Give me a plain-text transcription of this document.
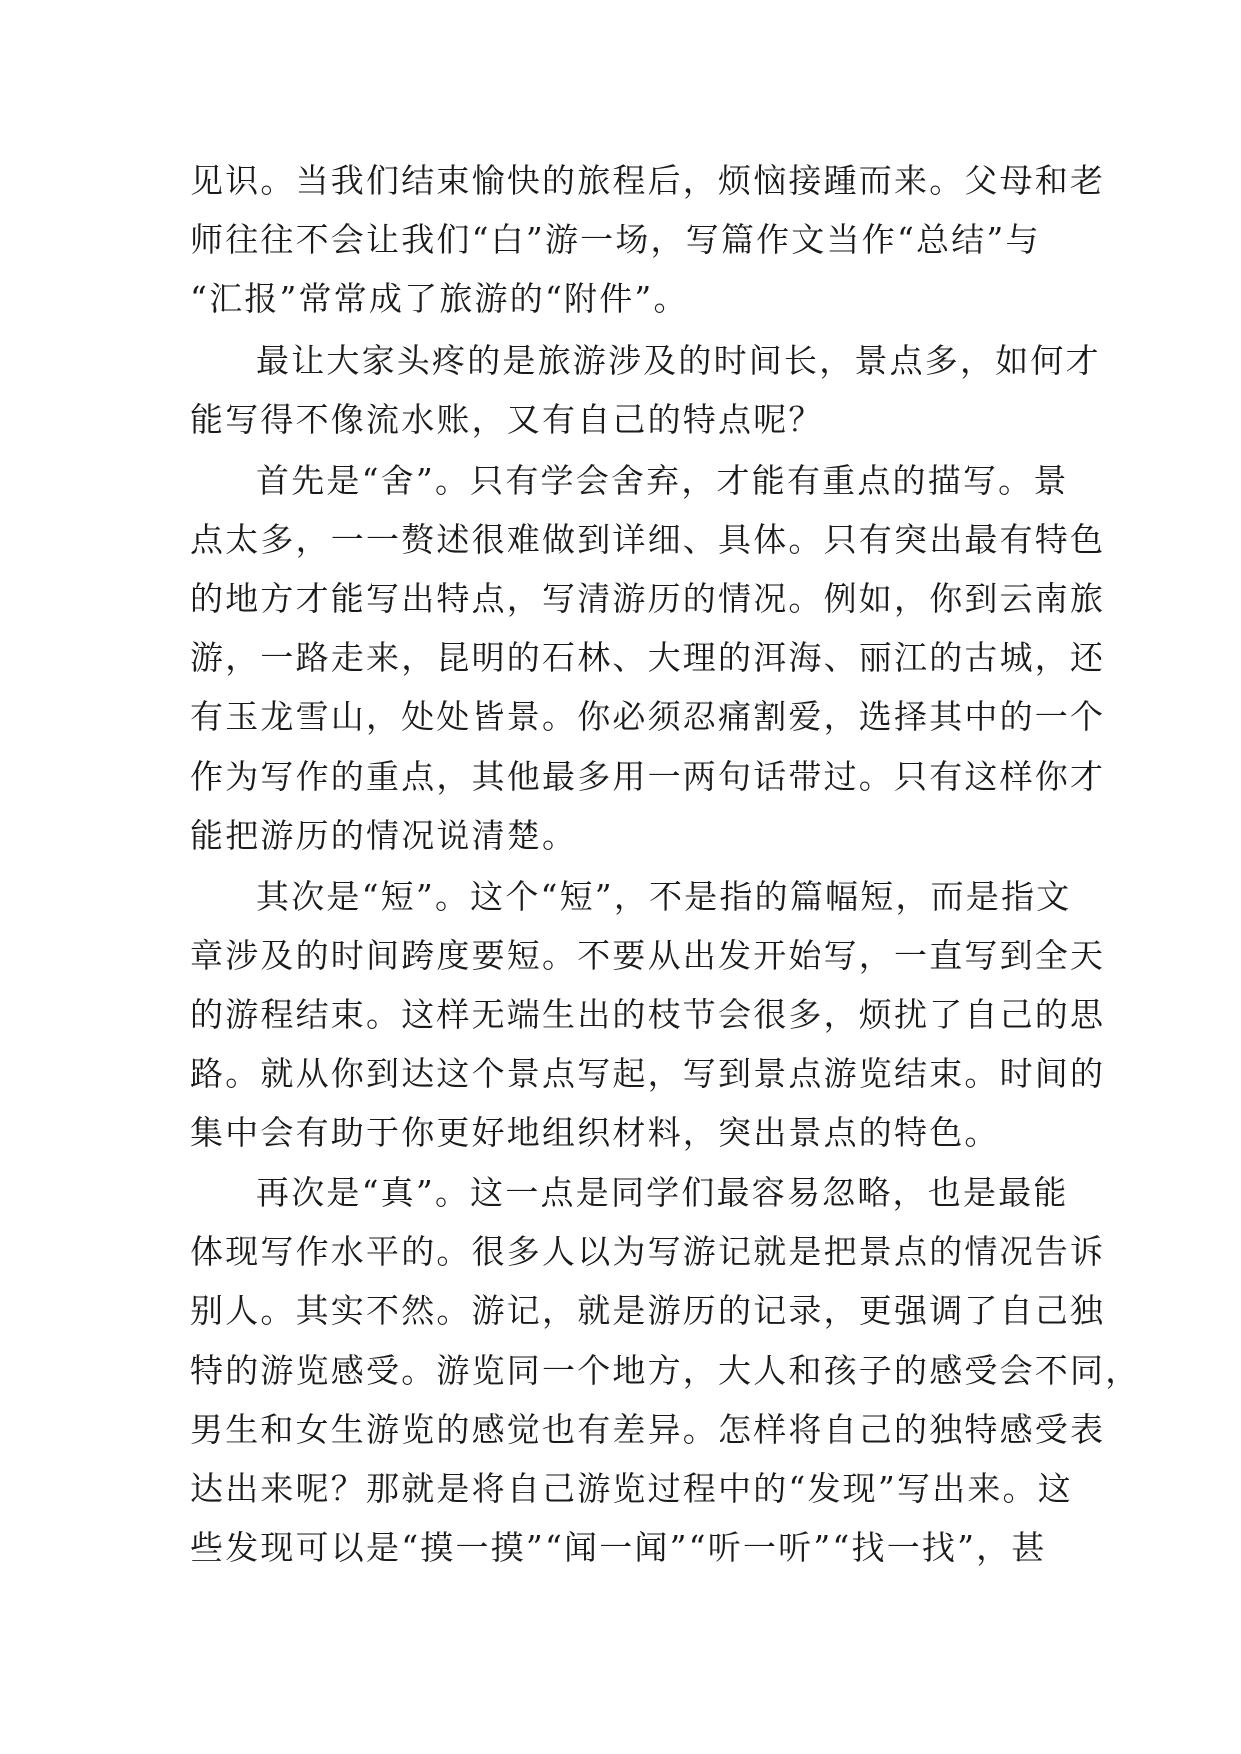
见识。当我们结束愉快的旅程后，烦恼接踵而来。父母和老
师往往不会让我们“白”游一场，写篇作文当作“总结”与
“汇报”常常成了旅游的“附件”。
最让大家头疼的是旅游涉及的时间长，景点多，如何才
能写得不像流水账，又有自己的特点呢？
首先是“舍”。只有学会舍弃，才能有重点的描写。景
点太多，一一赘述很难做到详细、具体。只有突出最有特色
的地方才能写出特点，写清游历的情况。例如，你到云南旅
游，一路走来，昆明的石林、大理的洱海、丽江的古城，还
有玉龙雪山，处处皆景。你必须忍痛割爱，选择其中的一个
作为写作的重点，其他最多用一两句话带过。只有这样你才
能把游历的情况说清楚。
其次是“短”。这个“短”，不是指的篇幅短，而是指文
章涉及的时间跨度要短。不要从出发开始写，一直写到全天
的游程结束。这样无端生出的枝节会很多，烦扰了自己的思
路。就从你到达这个景点写起，写到景点游览结束。时间的
集中会有助于你更好地组织材料，突出景点的特色。
再次是“真”。这一点是同学们最容易忽略，也是最能
体现写作水平的。很多人以为写游记就是把景点的情况告诉
别人。其实不然。游记，就是游历的记录，更强调了自己独
特的游览感受。游览同一个地方，大人和孩子的感受会不同，
男生和女生游览的感觉也有差异。怎样将自己的独特感受表
达出来呢？那就是将自己游览过程中的“发现”写出来。这
些发现可以是“摸一摸”“闻一闻”“听一听”“找一找”，甚
